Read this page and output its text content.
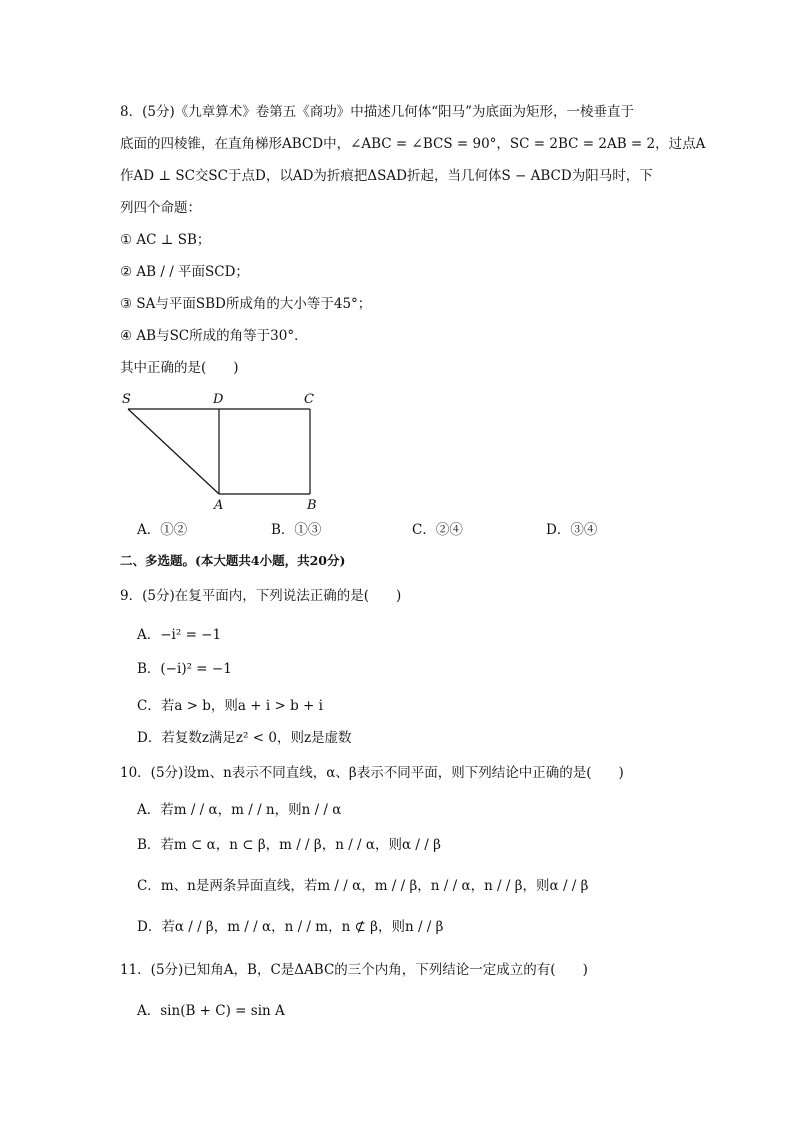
8．(5分)《九章算术》卷第五《商功》中描述几何体“阳马”为底面为矩形，一棱垂直于
底面的四棱锥，在直角梯形ABCD中，∠ABC = ∠BCS = 90°，SC = 2BC = 2AB = 2，过点A
作AD ⊥ SC交SC于点D，以AD为折痕把ΔSAD折起，当几何体S − ABCD为阳马时，下
列四个命题：
① AC ⊥ SB；
② AB / / 平面SCD；
③ SA与平面SBD所成角的大小等于45°；
④ AB与SC所成的角等于30°．
其中正确的是(　　)
S	D	C
A	B
A．①②	B．①③	C．②④	D．③④
二、多选题。(本大题共4小题，共20分)
9．(5分)在复平面内，下列说法正确的是(　　)
A．−i² = −1
B．(−i)² = −1
C．若a > b，则a + i > b + i
D．若复数z满足z² < 0，则z是虚数
10．(5分)设m、n表示不同直线，α、β表示不同平面，则下列结论中正确的是(　　)
A．若m / / α，m / / n，则n / / α
B．若m ⊂ α，n ⊂ β，m / / β，n / / α，则α / / β
C．m、n是两条异面直线，若m / / α，m / / β，n / / α，n / / β，则α / / β
D．若α / / β，m / / α，n / / m，n ⊄ β，则n / / β
11．(5分)已知角A，B，C是ΔABC的三个内角，下列结论一定成立的有(　　)
A．sin(B + C) = sin A
